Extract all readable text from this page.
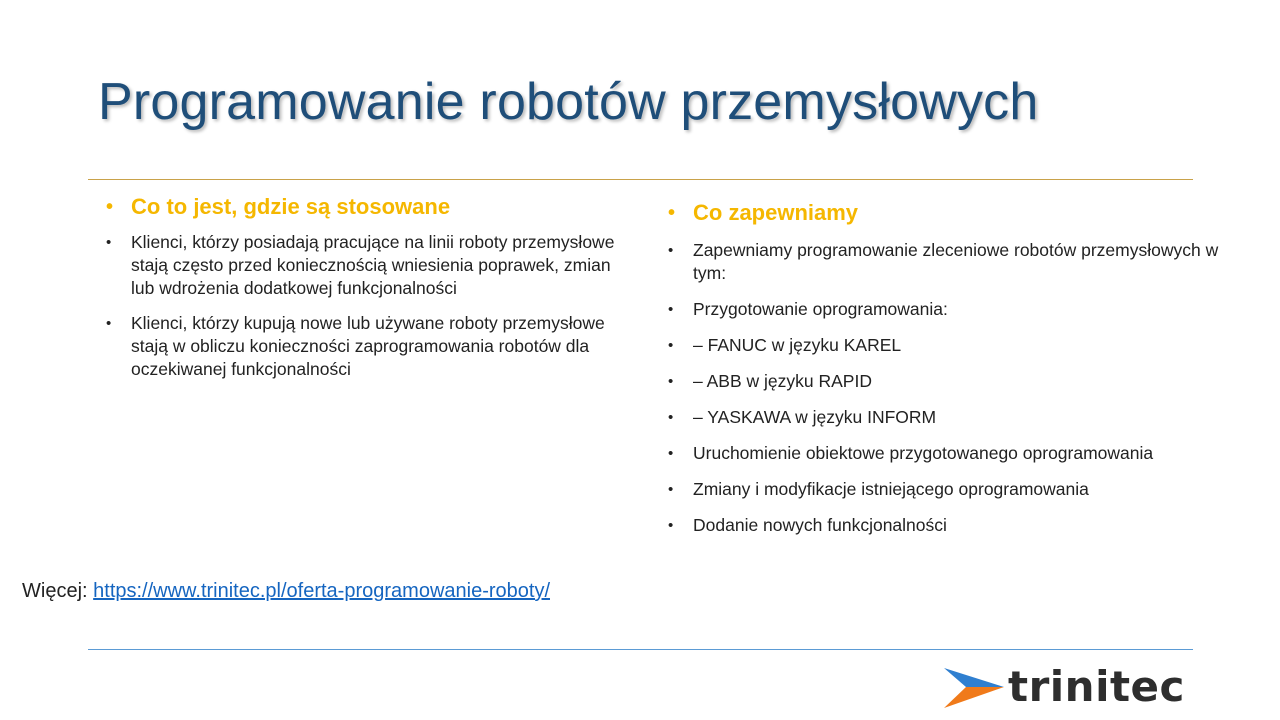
Programowanie robotów przemysłowych
• Co to jest, gdzie są stosowane
• Klienci, którzy posiadają pracujące na linii roboty przemysłowe stają często przed koniecznością wniesienia poprawek, zmian lub wdrożenia dodatkowej funkcjonalności
• Klienci, którzy kupują nowe lub używane roboty przemysłowe stają w obliczu konieczności zaprogramowania robotów dla oczekiwanej funkcjonalności
• Co zapewniamy
• Zapewniamy programowanie zleceniowe robotów przemysłowych w tym:
• Przygotowanie oprogramowania:
• – FANUC w języku KAREL
• – ABB w języku RAPID
• – YASKAWA w języku INFORM
• Uruchomienie obiektowe przygotowanego oprogramowania
• Zmiany i modyfikacje istniejącego oprogramowania
• Dodanie nowych funkcjonalności
Więcej: https://www.trinitec.pl/oferta-programowanie-roboty/
trinitec
